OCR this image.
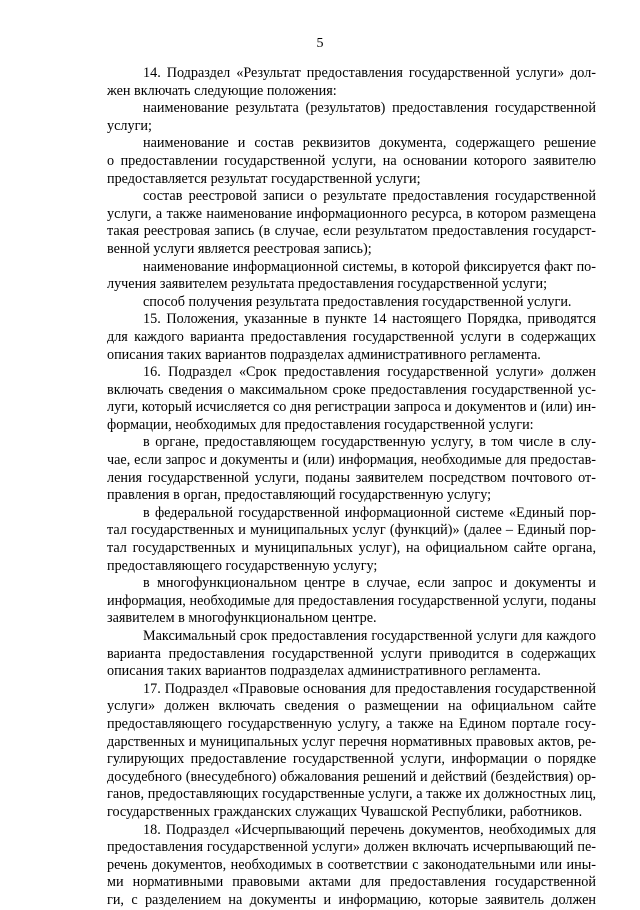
5
14. Подраздел «Результат предоставления государственной услуги» дол-
жен включать следующие положения:
наименование результата (результатов) предоставления государственной
услуги;
наименование и состав реквизитов документа, содержащего решение
о предоставлении государственной услуги, на основании которого заявителю
предоставляется результат государственной услуги;
состав реестровой записи о результате предоставления государственной
услуги, а также наименование информационного ресурса, в котором размещена
такая реестровая запись (в случае, если результатом предоставления государст-
венной услуги является реестровая запись);
наименование информационной системы, в которой фиксируется факт по-
лучения заявителем результата предоставления государственной услуги;
способ получения результата предоставления государственной услуги.
15. Положения, указанные в пункте 14 настоящего Порядка, приводятся
для каждого варианта предоставления государственной услуги в содержащих
описания таких вариантов подразделах административного регламента.
16. Подраздел «Срок предоставления государственной услуги» должен
включать сведения о максимальном сроке предоставления государственной ус-
луги, который исчисляется со дня регистрации запроса и документов и (или) ин-
формации, необходимых для предоставления государственной услуги:
в органе, предоставляющем государственную услугу, в том числе в слу-
чае, если запрос и документы и (или) информация, необходимые для предостав-
ления государственной услуги, поданы заявителем посредством почтового от-
правления в орган, предоставляющий государственную услугу;
в федеральной государственной информационной системе «Единый пор-
тал государственных и муниципальных услуг (функций)» (далее – Единый пор-
тал государственных и муниципальных услуг), на официальном сайте органа,
предоставляющего государственную услугу;
в многофункциональном центре в случае, если запрос и документы и
информация, необходимые для предоставления государственной услуги, поданы
заявителем в многофункциональном центре.
Максимальный срок предоставления государственной услуги для каждого
варианта предоставления государственной услуги приводится в содержащих
описания таких вариантов подразделах административного регламента.
17. Подраздел «Правовые основания для предоставления государственной
услуги» должен включать сведения о размещении на официальном сайте
предоставляющего государственную услугу, а также на Едином портале госу-
дарственных и муниципальных услуг перечня нормативных правовых актов, ре-
гулирующих предоставление государственной услуги, информации о порядке
досудебного (внесудебного) обжалования решений и действий (бездействия) ор-
ганов, предоставляющих государственные услуги, а также их должностных лиц,
государственных гражданских служащих Чувашской Республики, работников.
18. Подраздел «Исчерпывающий перечень документов, необходимых для
предоставления государственной услуги» должен включать исчерпывающий пе-
речень документов, необходимых в соответствии с законодательными или ины-
ми нормативными правовыми актами для предоставления государственной
ги, с разделением на документы и информацию, которые заявитель должен
